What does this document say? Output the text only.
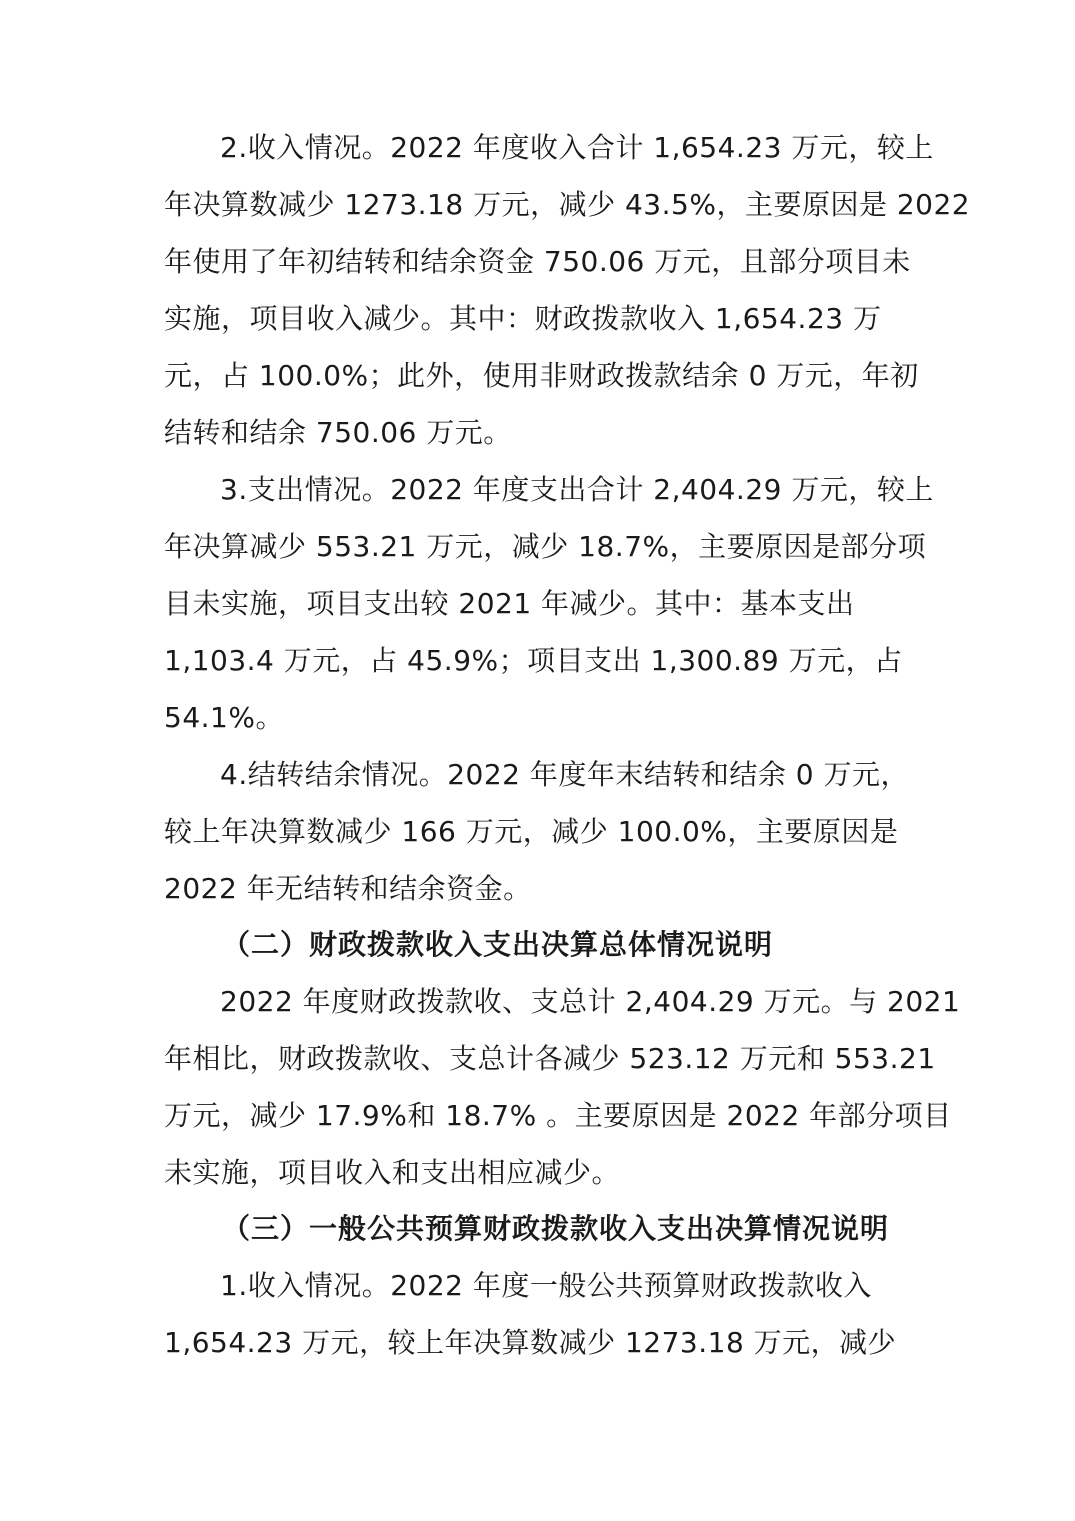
2.收入情况。2022 年度收入合计 1,654.23 万元，较上
年决算数减少 1273.18 万元，减少 43.5%，主要原因是 2022
年使用了年初结转和结余资金 750.06 万元，且部分项目未
实施，项目收入减少。其中：财政拨款收入 1,654.23 万
元，占 100.0%；此外，使用非财政拨款结余 0 万元，年初
结转和结余 750.06 万元。
3.支出情况。2022 年度支出合计 2,404.29 万元，较上
年决算减少 553.21 万元，减少 18.7%，主要原因是部分项
目未实施，项目支出较 2021 年减少。其中：基本支出
1,103.4 万元，占 45.9%；项目支出 1,300.89 万元，占
54.1%。
4.结转结余情况。2022 年度年末结转和结余 0 万元，
较上年决算数减少 166 万元，减少 100.0%，主要原因是
2022 年无结转和结余资金。
（二）财政拨款收入支出决算总体情况说明
2022 年度财政拨款收、支总计 2,404.29 万元。与 2021
年相比，财政拨款收、支总计各减少 523.12 万元和 553.21
万元，减少 17.9%和 18.7% 。主要原因是 2022 年部分项目
未实施，项目收入和支出相应减少。
（三）一般公共预算财政拨款收入支出决算情况说明
1.收入情况。2022 年度一般公共预算财政拨款收入
1,654.23 万元，较上年决算数减少 1273.18 万元，减少
